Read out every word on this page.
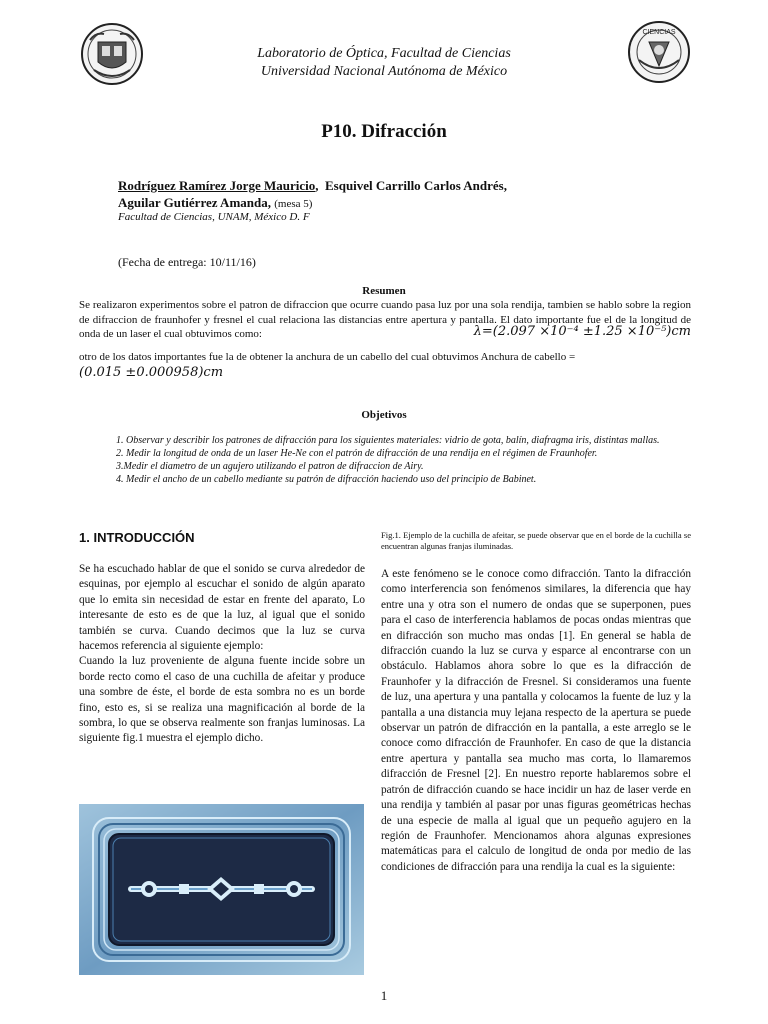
CIENCIAS
Laboratorio de Óptica, Facultad de Ciencias
Universidad Nacional Autónoma de México
P10. Difracción
Rodríguez Ramírez Jorge Mauricio,  Esquivel Carrillo Carlos Andrés,
Aguilar Gutiérrez Amanda, (mesa 5)
Facultad de Ciencias, UNAM, México D. F
(Fecha de entrega: 10/11/16)
Resumen
Se realizaron experimentos sobre el patron de difraccion que ocurre cuando pasa luz por una sola rendija, tambien se hablo sobre la region de difraccion de fraunhofer y fresnel el cual relaciona las distancias entre apertura y pantalla. El dato importante fue el de la longitud de onda de un laser el cual obtuvimos como:	λ=(2.097 ×10⁻⁴ ±1.25 ×10⁻⁵)cm
otro de los datos importantes fue la de obtener la anchura de un cabello del cual obtuvimos Anchura de cabello =
(0.015 ±0.000958)cm
Objetivos

1. Observar y describir los patrones de difracción para los siguientes materiales: vidrio de gota, balín, diafragma iris, distintas mallas.

2. Medir la longitud de onda de un laser He-Ne con el patrón de difracción de una rendija en el régimen de Fraunhofer.

3.Medir el diametro de un agujero utilizando el patron de difraccion de Airy.

4. Medir el ancho de un cabello mediante su patrón de difracción haciendo uso del principio de Babinet.

1. INTRODUCCIÓN

Se ha escuchado hablar de que el sonido se curva alrededor de esquinas, por ejemplo al escuchar el sonido de algún aparato que lo emita sin necesidad de estar en frente del aparato, Lo interesante de esto es de que la luz, al igual que el sonido también se curva. Cuando decimos que la luz se curva hacemos referencia al siguiente ejemplo:

Cuando la luz proveniente de alguna fuente incide sobre un borde recto como el caso de una cuchilla de afeitar y produce una sombre de éste, el borde de esta sombra no es un borde fino, esto es, si se realiza una magnificación al borde de la sombra, lo que se observa realmente son franjas luminosas. La siguiente fig.1 muestra el ejemplo dicho.

Fig.1. Ejemplo de la cuchilla de afeitar, se puede observar que en el borde de la cuchilla se encuentran algunas franjas iluminadas.

A este fenómeno se le conoce como difracción. Tanto la difracción como interferencia son fenómenos similares, la diferencia que hay entre una y otra son el numero de ondas que se superponen, pues para el caso de interferencia hablamos de pocas ondas mientras que en difracción son mucho mas ondas [1]. En general se habla de difracción cuando la luz se curva y esparce al encontrarse con un obstáculo. Hablamos ahora sobre lo que es la difracción de Fraunhofer y la difracción de Fresnel. Si consideramos una fuente de luz, una apertura y una pantalla y colocamos la fuente de luz y la pantalla a una distancia muy lejana respecto de la apertura se puede observar un patrón de difracción en la pantalla, a este arreglo se le conoce como difracción de Fraunhofer. En caso de que la distancia entre apertura y pantalla sea mucho mas corta, lo llamaremos difracción de Fresnel [2]. En nuestro reporte hablaremos sobre el patrón de difracción cuando se hace incidir un haz de laser verde en una rendija y también al pasar por unas figuras geométricas hechas de una especie de malla al igual que un pequeño agujero en la región de Fraunhofer. Mencionamos ahora algunas expresiones matemáticas para el calculo de longitud de onda por medio de las condiciones de difracción para una rendija la cual es la siguiente:

1
